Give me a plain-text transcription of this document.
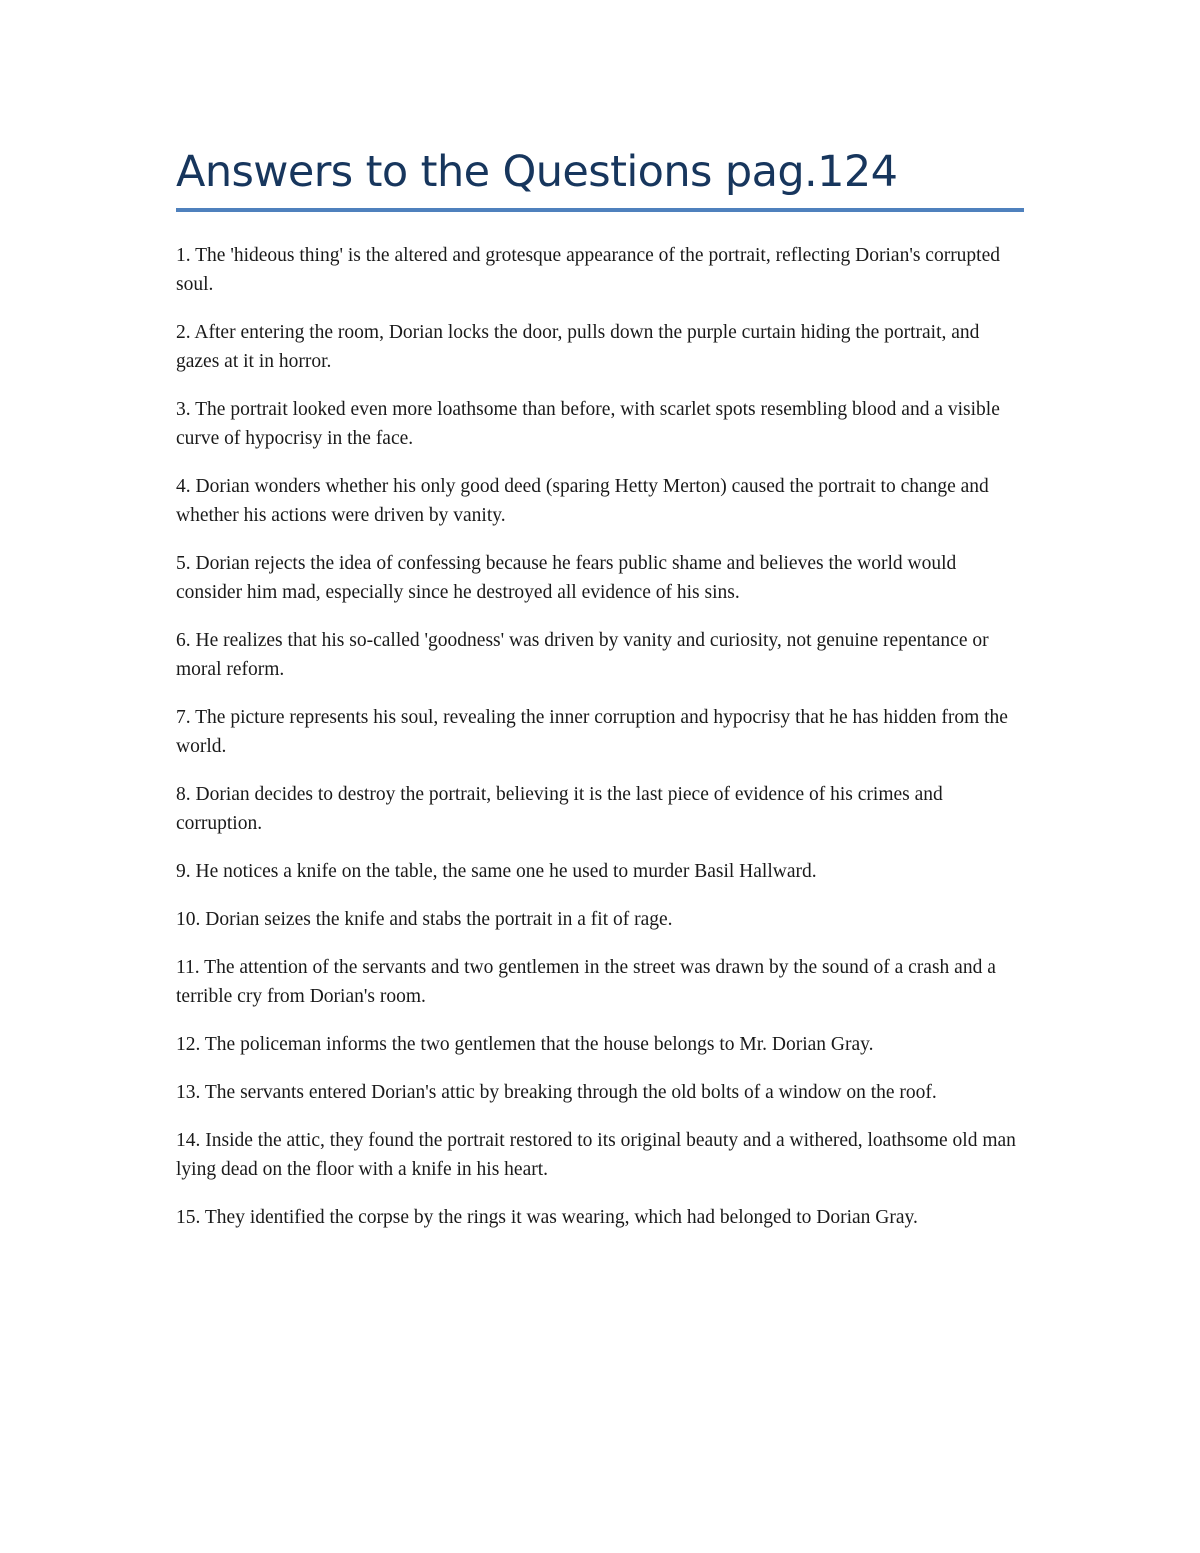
Answers to the Questions pag.124
1. The 'hideous thing' is the altered and grotesque appearance of the portrait, reflecting Dorian's corrupted soul.
2. After entering the room, Dorian locks the door, pulls down the purple curtain hiding the portrait, and gazes at it in horror.
3. The portrait looked even more loathsome than before, with scarlet spots resembling blood and a visible curve of hypocrisy in the face.
4. Dorian wonders whether his only good deed (sparing Hetty Merton) caused the portrait to change and whether his actions were driven by vanity.
5. Dorian rejects the idea of confessing because he fears public shame and believes the world would consider him mad, especially since he destroyed all evidence of his sins.
6. He realizes that his so-called 'goodness' was driven by vanity and curiosity, not genuine repentance or moral reform.
7. The picture represents his soul, revealing the inner corruption and hypocrisy that he has hidden from the world.
8. Dorian decides to destroy the portrait, believing it is the last piece of evidence of his crimes and corruption.
9. He notices a knife on the table, the same one he used to murder Basil Hallward.
10. Dorian seizes the knife and stabs the portrait in a fit of rage.
11. The attention of the servants and two gentlemen in the street was drawn by the sound of a crash and a terrible cry from Dorian's room.
12. The policeman informs the two gentlemen that the house belongs to Mr. Dorian Gray.
13. The servants entered Dorian's attic by breaking through the old bolts of a window on the roof.
14. Inside the attic, they found the portrait restored to its original beauty and a withered, loathsome old man lying dead on the floor with a knife in his heart.
15. They identified the corpse by the rings it was wearing, which had belonged to Dorian Gray.
